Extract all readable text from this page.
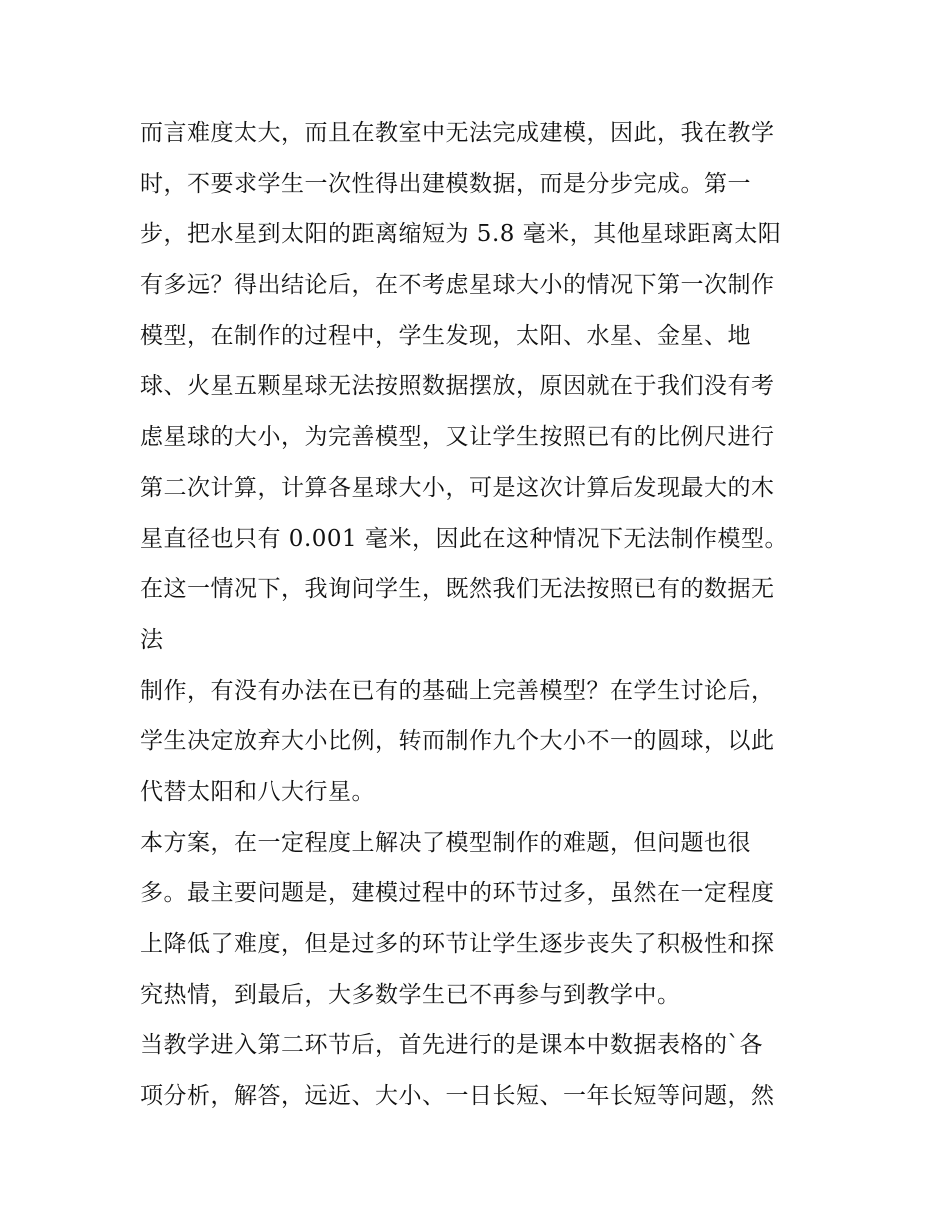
而言难度太大，而且在教室中无法完成建模，因此，我在教学
时，不要求学生一次性得出建模数据，而是分步完成。第一
步，把水星到太阳的距离缩短为 5.8 毫米，其他星球距离太阳
有多远？得出结论后，在不考虑星球大小的情况下第一次制作
模型，在制作的过程中，学生发现，太阳、水星、金星、地
球、火星五颗星球无法按照数据摆放，原因就在于我们没有考
虑星球的大小，为完善模型，又让学生按照已有的比例尺进行
第二次计算，计算各星球大小，可是这次计算后发现最大的木
星直径也只有 0.001 毫米，因此在这种情况下无法制作模型。
在这一情况下，我询问学生，既然我们无法按照已有的数据无
法
制作，有没有办法在已有的基础上完善模型？在学生讨论后，
学生决定放弃大小比例，转而制作九个大小不一的圆球，以此
代替太阳和八大行星。
本方案，在一定程度上解决了模型制作的难题，但问题也很
多。最主要问题是，建模过程中的环节过多，虽然在一定程度
上降低了难度，但是过多的环节让学生逐步丧失了积极性和探
究热情，到最后，大多数学生已不再参与到教学中。
当教学进入第二环节后，首先进行的是课本中数据表格的`各
项分析，解答，远近、大小、一日长短、一年长短等问题，然
